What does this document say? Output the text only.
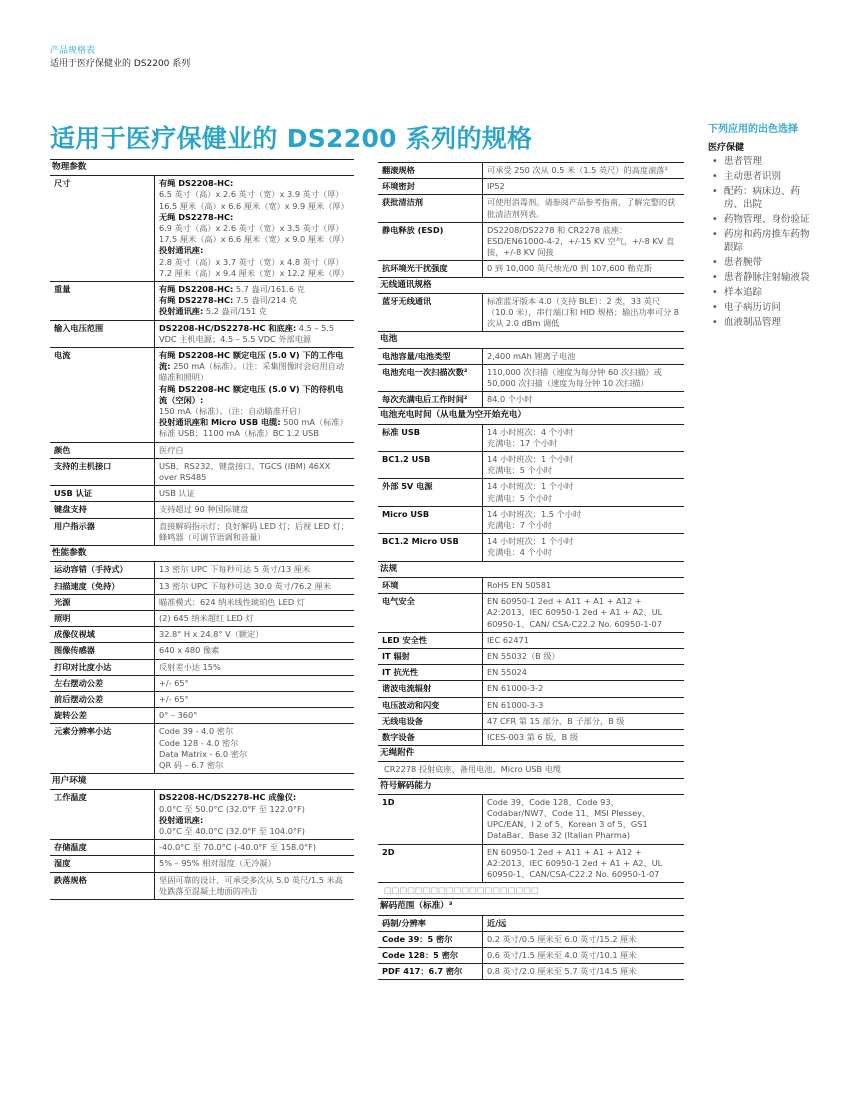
产品规格表
适用于医疗保健业的 DS2200 系列
适用于医疗保健业的 DS2200 系列的规格
物理参数
尺寸	有绳 DS2208-HC:
6.5 英寸（高）x 2.6 英寸（宽）x 3.9 英寸（厚）
16.5 厘米（高）x 6.6 厘米（宽）x 9.9 厘米（厚）
无绳 DS2278-HC:
6.9 英寸（高）x 2.6 英寸（宽）x 3.5 英寸（厚）
17.5 厘米（高）x 6.6 厘米（宽）x 9.0 厘米（厚）
投射通讯座:
2.8 英寸（高）x 3.7 英寸（宽）x 4.8 英寸（厚）
7.2 厘米（高）x 9.4 厘米（宽）x 12.2 厘米（厚）
重量	有绳 DS2208-HC: 5.7 盎司/161.6 克
有绳 DS2278-HC: 7.5 盎司/214 克
投射通讯座: 5.2 盎司/151 克
输入电压范围	DS2208-HC/DS2278-HC 和底座: 4.5 – 5.5 VDC 主机电源；4.5 – 5.5 VDC 外部电源
电流	有绳 DS2208-HC 额定电压 (5.0 V) 下的工作电流: 250 mA（标准）。（注：采集图像时会启用自动瞄准和照明）
有绳 DS2208-HC 额定电压 (5.0 V) 下的待机电流（空闲）: 150 mA（标准）。（注：自动瞄准开启）
投射通讯座和 Micro USB 电缆: 500 mA（标准）标准 USB；1100 mA（标准）BC 1.2 USB
颜色	医疗白
支持的主机接口	USB、RS232、键盘接口、TGCS (IBM) 46XX over RS485
USB 认证	USB 认证
键盘支持	支持超过 90 种国际键盘
用户指示器	直接解码指示灯；良好解码 LED 灯；后视 LED 灯；蜂鸣器（可调节语调和音量）
性能参数
运动容错（手持式）	13 密尔 UPC 下每秒可达 5 英寸/13 厘米
扫描速度（免持）	13 密尔 UPC 下每秒可达 30.0 英寸/76.2 厘米
光源	瞄准模式：624 纳米线性琥珀色 LED 灯
照明	(2) 645 纳米超红 LED 灯
成像仪视域	32.8° H x 24.8° V（额定）
图像传感器	640 x 480 像素
打印对比度小达	反射差小达 15%
左右摆动公差	+/- 65°
前后摆动公差	+/- 65°
旋转公差	0° – 360°
元素分辨率小达	Code 39 - 4.0 密尔
Code 128 - 4.0 密尔
Data Matrix - 6.0 密尔
QR 码 – 6.7 密尔
用户环境
工作温度	DS2208-HC/DS2278-HC 成像仪:
0.0°C 至 50.0°C (32.0°F 至 122.0°F)
投射通讯座:
0.0°C 至 40.0°C (32.0°F 至 104.0°F)
存储温度	-40.0°C 至 70.0°C (-40.0°F 至 158.0°F)
湿度	5% – 95% 相对湿度（无冷凝）
跌落规格	坚固可靠的设计，可承受多次从 5.0 英尺/1.5 米高处跌落至混凝土地面的冲击
翻滚规格	可承受 250 次从 0.5 米（1.5 英尺）的高度滚落¹
环境密封	IP52
获批清洁剂	可使用消毒剂。请参阅产品参考指南，了解完整的获批清洁剂列表。
静电释放 (ESD)	DS2208/DS2278 和 CR2278 底座：ESD/EN61000-4-2，+/-15 KV 空气，+/-8 KV 直接，+/-8 KV 间接
抗环境光干扰强度	0 到 10,000 英尺烛光/0 到 107,600 勒克斯
无线通讯规格
蓝牙无线通讯	标准蓝牙版本 4.0（支持 BLE）：2 类，33 英尺（10.0 米），串行端口和 HID 规格；输出功率可分 8 次从 2.0 dBm 调低
电池
电池容量/电池类型	2,400 mAh 锂离子电池
电池充电一次扫描次数²	110,000 次扫描（速度为每分钟 60 次扫描）或 50,000 次扫描（速度为每分钟 10 次扫描）
每次充满电后工作时间²	84.0 个小时
电池充电时间（从电量为空开始充电）
标准 USB	14 小时班次：4 个小时
充满电：17 个小时
BC1.2 USB	14 小时班次：1 个小时
充满电：5 个小时
外部 5V 电源	14 小时班次：1 个小时
充满电：5 个小时
Micro USB	14 小时班次：1.5 个小时
充满电：7 个小时
BC1.2 Micro USB	14 小时班次：1 个小时
充满电：4 个小时
法规
环境	RoHS EN 50581
电气安全	EN 60950-1 2ed + A11 + A1 + A12 + A2:2013、IEC 60950-1 2ed + A1 + A2、UL 60950-1、CAN/ CSA-C22.2 No. 60950-1-07
LED 安全性	IEC 62471
IT 辐射	EN 55032（B 级）
IT 抗光性	EN 55024
谐波电流辐射	EN 61000-3-2
电压波动和闪变	EN 61000-3-3
无线电设备	47 CFR 第 15 部分，B 子部分，B 级
数字设备	ICES-003 第 6 版，B 级
无绳附件
CR2278 投射底座、备用电池、Micro USB 电缆
符号解码能力
1D	Code 39、Code 128、Code 93、Codabar/NW7、Code 11、MSI Plessey、UPC/EAN、I 2 of 5、Korean 3 of 5、GS1 DataBar、Base 32 (Italian Pharma)
2D	EN 60950-1 2ed + A11 + A1 + A12 + A2:2013、IEC 60950-1 2ed + A1 + A2、UL 60950-1、CAN/CSA-C22.2 No. 60950-1-07
□□□□□□□□□□□□□□□□□□□□
解码范围（标准）³
码制/分辨率	近/远
Code 39：5 密尔	0.2 英寸/0.5 厘米至 6.0 英寸/15.2 厘米
Code 128：5 密尔	0.6 英寸/1.5 厘米至 4.0 英寸/10.1 厘米
PDF 417：6.7 密尔	0.8 英寸/2.0 厘米至 5.7 英寸/14.5 厘米
下列应用的出色选择
医疗保健
• 患者管理
• 主动患者识别
• 配药：病床边、药房、出院
• 药物管理、身份验证
• 药房和药房推车药物跟踪
• 患者腕带
• 患者静脉注射输液袋
• 样本追踪
• 电子病历访问
• 血液制品管理
